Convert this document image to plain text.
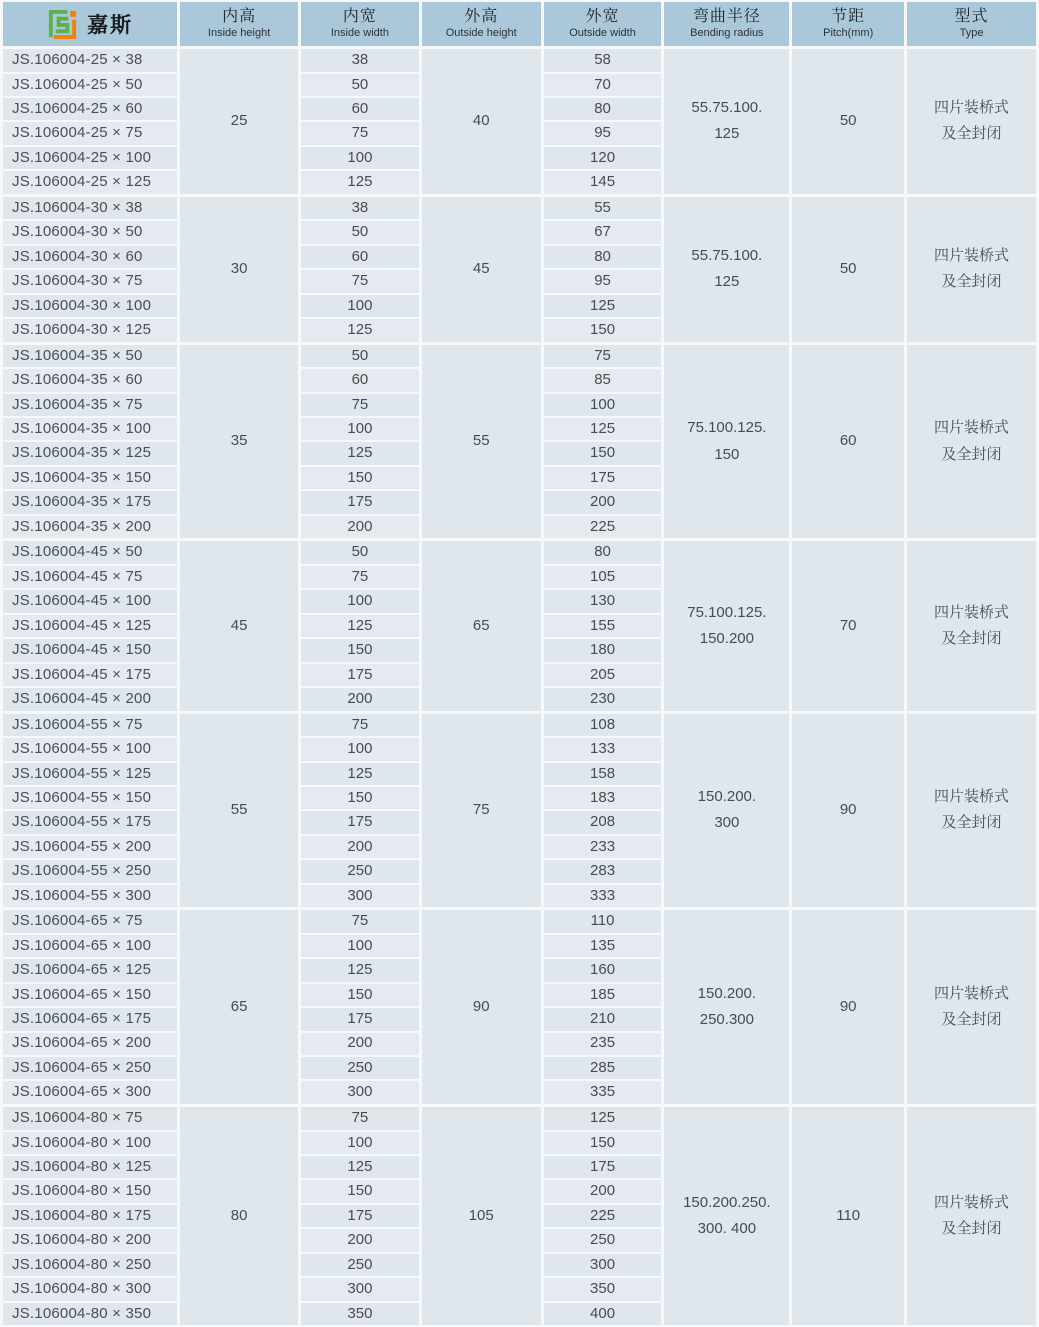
嘉斯	内高
Inside height	内宽
Inside width	外高
Outside height	外宽
Outside width	弯曲半径
Bending radius	节距
Pitch(mm)	型式
Type

JS.106004-25 × 38	25	38	40	58	55.75.100.
125	50	四片装桥式
及全封闭
JS.106004-25 × 50		50		70			
JS.106004-25 × 60		60		80			
JS.106004-25 × 75		75		95			
JS.106004-25 × 100		100		120			
JS.106004-25 × 125		125		145			
JS.106004-30 × 38	30	38	45	55	55.75.100.
125	50	四片装桥式
及全封闭
JS.106004-30 × 50		50		67			
JS.106004-30 × 60		60		80			
JS.106004-30 × 75		75		95			
JS.106004-30 × 100		100		125			
JS.106004-30 × 125		125		150			
JS.106004-35 × 50	35	50	55	75	75.100.125.
150	60	四片装桥式
及全封闭
JS.106004-35 × 60		60		85			
JS.106004-35 × 75		75		100			
JS.106004-35 × 100		100		125			
JS.106004-35 × 125		125		150			
JS.106004-35 × 150		150		175			
JS.106004-35 × 175		175		200			
JS.106004-35 × 200		200		225			
JS.106004-45 × 50	45	50	65	80	75.100.125.
150.200	70	四片装桥式
及全封闭
JS.106004-45 × 75		75		105			
JS.106004-45 × 100		100		130			
JS.106004-45 × 125		125		155			
JS.106004-45 × 150		150		180			
JS.106004-45 × 175		175		205			
JS.106004-45 × 200		200		230			
JS.106004-55 × 75	55	75	75	108	150.200.
300	90	四片装桥式
及全封闭
JS.106004-55 × 100		100		133			
JS.106004-55 × 125		125		158			
JS.106004-55 × 150		150		183			
JS.106004-55 × 175		175		208			
JS.106004-55 × 200		200		233			
JS.106004-55 × 250		250		283			
JS.106004-55 × 300		300		333			
JS.106004-65 × 75	65	75	90	110	150.200.
250.300	90	四片装桥式
及全封闭
JS.106004-65 × 100		100		135			
JS.106004-65 × 125		125		160			
JS.106004-65 × 150		150		185			
JS.106004-65 × 175		175		210			
JS.106004-65 × 200		200		235			
JS.106004-65 × 250		250		285			
JS.106004-65 × 300		300		335			
JS.106004-80 × 75	80	75	105	125	150.200.250.
300. 400	110	四片装桥式
及全封闭
JS.106004-80 × 100		100		150			
JS.106004-80 × 125		125		175			
JS.106004-80 × 150		150		200			
JS.106004-80 × 175		175		225			
JS.106004-80 × 200		200		250			
JS.106004-80 × 250		250		300			
JS.106004-80 × 300		300		350			
JS.106004-80 × 350		350		400			
